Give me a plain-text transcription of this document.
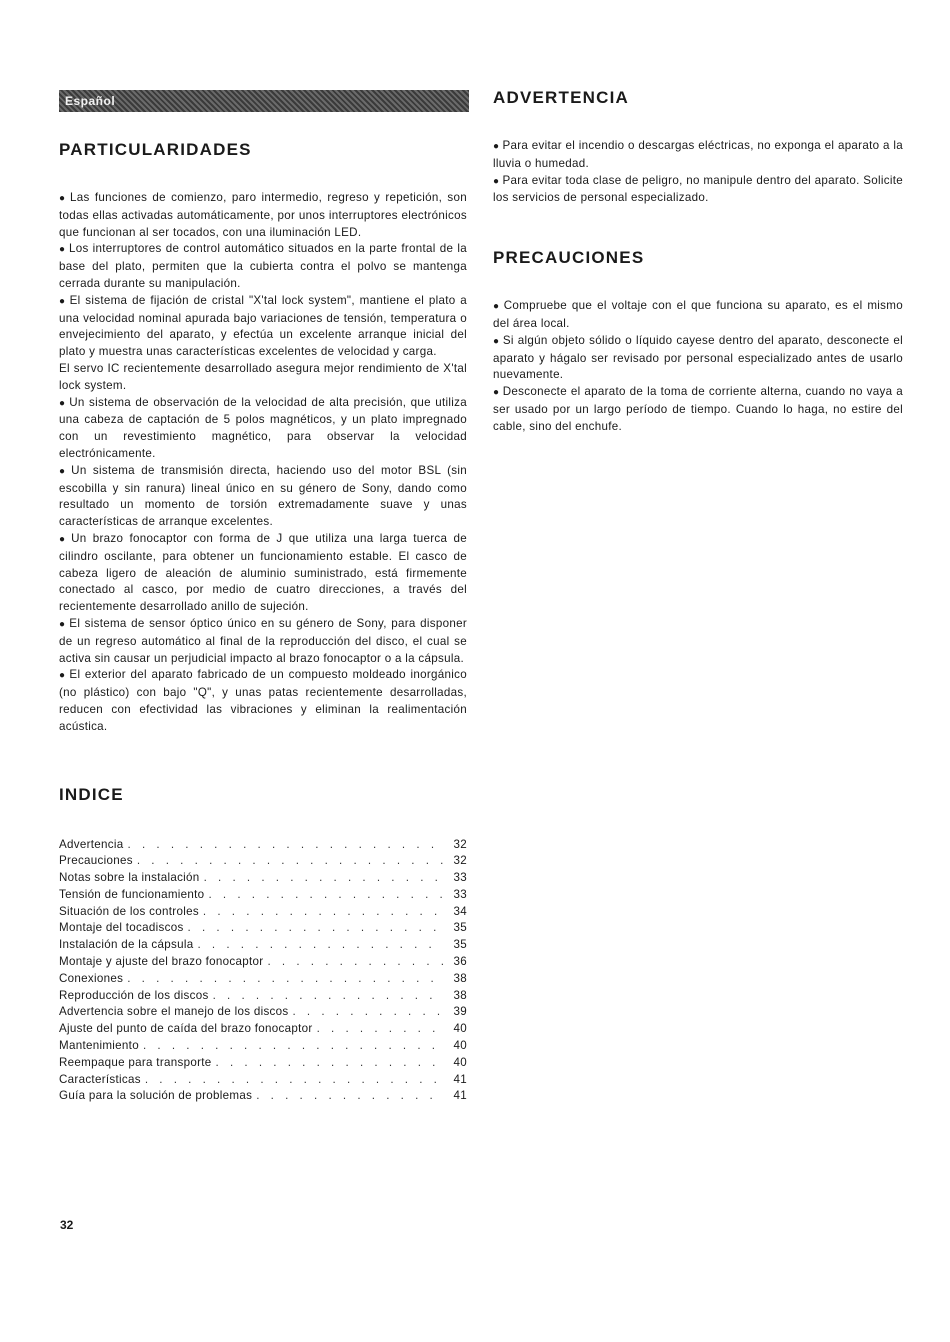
Español
PARTICULARIDADES

● Las funciones de comienzo, paro intermedio, regreso y repetición, son todas ellas activadas automáticamente, por unos interruptores electrónicos que funcionan al ser tocados, con una iluminación LED.

● Los interruptores de control automático situados en la parte frontal de la base del plato, permiten que la cubierta contra el polvo se mantenga cerrada durante su manipulación.

● El sistema de fijación de cristal "X'tal lock system", mantiene el plato a una velocidad nominal apurada bajo variaciones de tensión, temperatura o envejecimiento del aparato, y efectúa un excelente arranque inicial del plato y muestra unas características excelentes de velocidad y carga.

El servo IC recientemente desarrollado asegura mejor rendimiento de X'tal lock system.

● Un sistema de observación de la velocidad de alta precisión, que utiliza una cabeza de captación de 5 polos magnéticos, y un plato impregnado con un revestimiento magnético, para observar la velocidad electrónicamente.

● Un sistema de transmisión directa, haciendo uso del motor BSL (sin escobilla y sin ranura) lineal único en su género de Sony, dando como resultado un momento de torsión extremadamente suave y unas características de arranque excelentes.

● Un brazo fonocaptor con forma de J que utiliza una larga tuerca de cilindro oscilante, para obtener un funcionamiento estable. El casco de cabeza ligero de aleación de aluminio suministrado, está firmemente conectado al casco, por medio de cuatro direcciones, a través del recientemente desarrollado anillo de sujeción.

● El sistema de sensor óptico único en su género de Sony, para disponer de un regreso automático al final de la reproducción del disco, el cual se activa sin causar un perjudicial impacto al brazo fonocaptor o a la cápsula.

● El exterior del aparato fabricado de un compuesto moldeado inorgánico (no plástico) con bajo "Q", y unas patas recientemente desarrolladas, reducen con efectividad las vibraciones y eliminan la realimentación acústica.

INDICE
Advertencia . . .	32
Precauciones . . .	32
Notas sobre la instalación . . .	33
Tensión de funcionamiento . . .	33
Situación de los controles . . .	34
Montaje del tocadiscos . . .	35
Instalación de la cápsula . . .	35
Montaje y ajuste del brazo fonocaptor . . .	36
Conexiones . . .	38
Reproducción de los discos . . .	38
Advertencia sobre el manejo de los discos . . .	39
Ajuste del punto de caída del brazo fonocaptor . . .	40
Mantenimiento . . .	40
Reempaque para transporte . . .	40
Características . . .	41
Guía para la solución de problemas . . .	41
ADVERTENCIA

● Para evitar el incendio o descargas eléctricas, no exponga el aparato a la lluvia o humedad.

● Para evitar toda clase de peligro, no manipule dentro del aparato. Solicite los servicios de personal especializado.

PRECAUCIONES

● Compruebe que el voltaje con el que funciona su aparato, es el mismo del área local.

● Si algún objeto sólido o líquido cayese dentro del aparato, desconecte el aparato y hágalo ser revisado por personal especializado antes de usarlo nuevamente.

● Desconecte el aparato de la toma de corriente alterna, cuando no vaya a ser usado por un largo período de tiempo. Cuando lo haga, no estire del cable, sino del enchufe.

32
